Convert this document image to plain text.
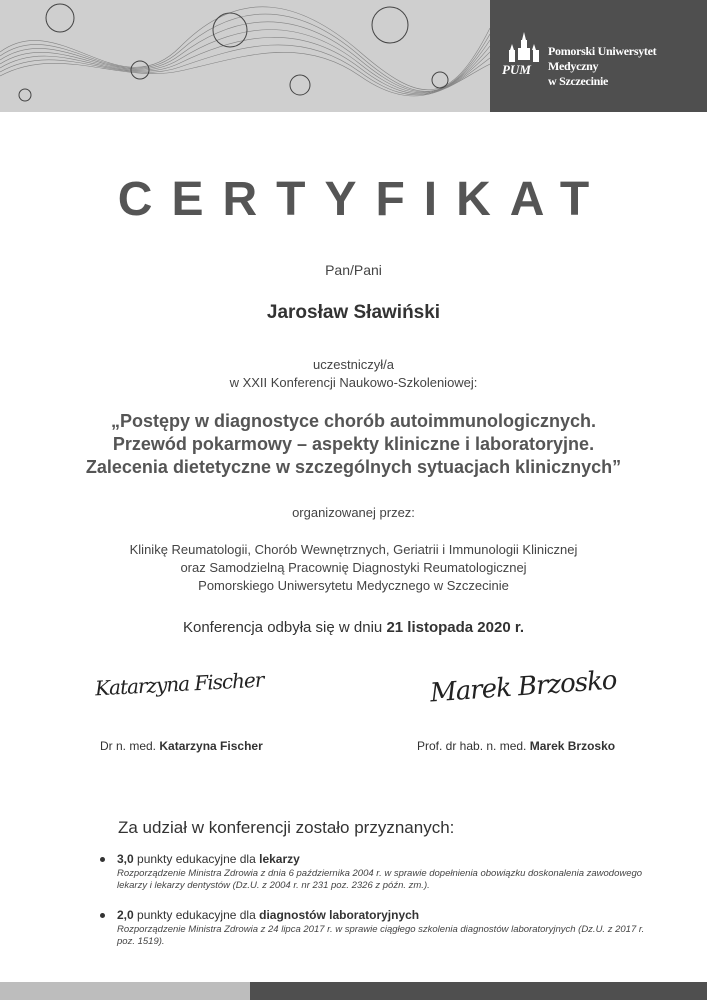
Pomorski Uniwersytet Medyczny
w Szczecinie
PUM
CERTYFIKAT
Pan/Pani
Jarosław Sławiński
uczestniczył/a
w XXII Konferencji Naukowo-Szkoleniowej:
„Postępy w diagnostyce chorób autoimmunologicznych.
Przewód pokarmowy – aspekty kliniczne i laboratoryjne.
Zalecenia dietetyczne w szczególnych sytuacjach klinicznych”
organizowanej przez:
Klinikę Reumatologii, Chorób Wewnętrznych, Geriatrii i Immunologii Klinicznej
oraz Samodzielną Pracownię Diagnostyki Reumatologicznej
Pomorskiego Uniwersytetu Medycznego w Szczecinie
Konferencja odbyła się w dniu 21 listopada 2020 r.
Katarzyna Fischer	Marek Brzosko
Dr n. med. Katarzyna Fischer	Prof. dr hab. n. med. Marek Brzosko
Za udział w konferencji zostało przyznanych:
3,0 punkty edukacyjne dla lekarzy
Rozporządzenie Ministra Zdrowia z dnia 6 października 2004 r. w sprawie dopełnienia obowiązku doskonalenia zawodowego lekarzy i lekarzy dentystów (Dz.U. z 2004 r. nr 231 poz. 2326 z późn. zm.).
2,0 punkty edukacyjne dla diagnostów laboratoryjnych
Rozporządzenie Ministra Zdrowia z 24 lipca 2017 r. w sprawie ciągłego szkolenia diagnostów laboratoryjnych (Dz.U. z 2017 r. poz. 1519).
